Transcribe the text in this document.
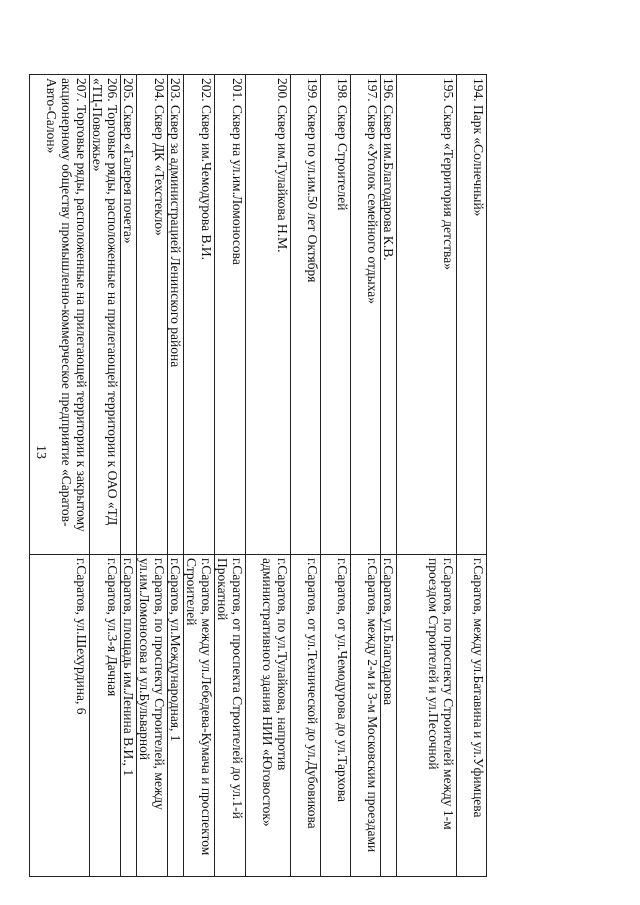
13
194. Парк «Солнечный»	г.Саратов, между ул.Батавина и ул.Уфимцева
195. Сквер «Территория детства»	г.Саратов, по проспекту Строителей между 1-м проездом Строителей и ул.Песочной
196. Сквер им.Благодарова К.В.	г.Саратов, ул.Благодарова
197. Сквер «Уголок семейного отдыха»	г.Саратов, между 2-м и 3-м Московским проездами
198. Сквер Строителей	г.Саратов, от ул.Чемодурова до ул.Тархова
199. Сквер по ул.им.50 лет Октября	г.Саратов, от ул.Технической до ул.Дубовикова
200. Сквер им.Тулайкова Н.М.	г.Саратов, по ул.Тулайкова, напротив административного здания НИИ «Юговосток»
201. Сквер на ул.им.Ломоносова	г.Саратов, от проспекта Строителей до ул.1-й Прокатной
202. Сквер им.Чемодурова В.И.	г.Саратов, между ул.Лебедева-Кумача и проспектом Строителей
203. Сквер за администрацией Ленинского района	г.Саратов, ул.Международная, 1
204. Сквер ДК «Техстекло»	г.Саратов, по проспекту Строителей, между ул.им.Ломоносова и ул.Бульварной
205. Сквер «Галерея почета»	г.Саратов, площадь им.Ленина В.И., 1
206. Торговые ряды, расположенные на прилегающей территории к ОАО «ТД «ТЦ-Поволжье»	г.Саратов, ул.3-я Дачная
207. Торговые ряды, расположенные на прилегающей территории к закрытому акционерному обществу промышленно-коммерческое предприятие «Саратов-Авто-Салон»	г.Саратов, ул.Шехурдина, 6
